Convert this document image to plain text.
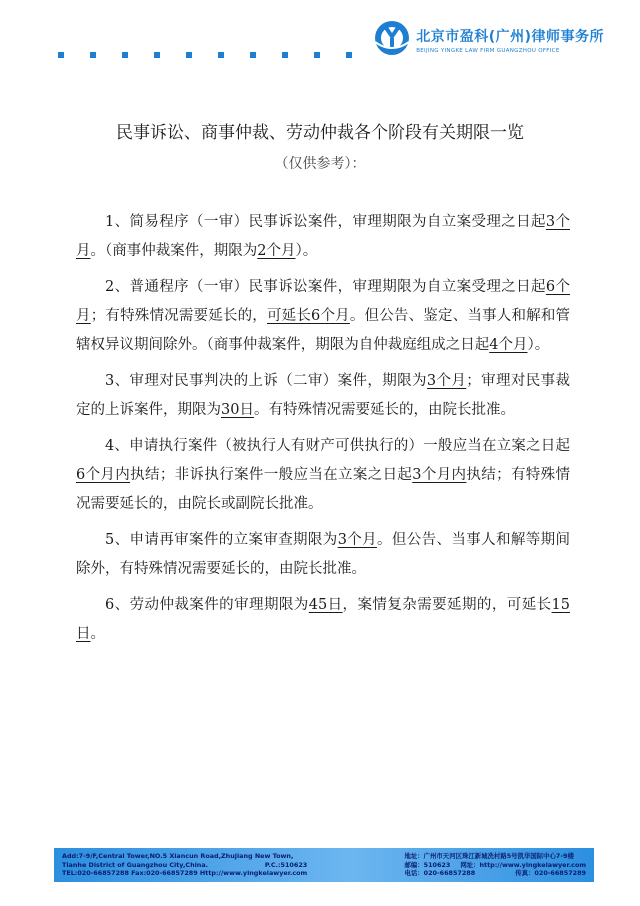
北京市盈科(广州)律师事务所
BEIJING YINGKE LAW FIRM GUANGZHOU OFFICE
民事诉讼、商事仲裁、劳动仲裁各个阶段有关期限一览
（仅供参考）：

1、简易程序（一审）民事诉讼案件，审理期限为自立案受理之日起3个月。（商事仲裁案件，期限为2个月）。

2、普通程序（一审）民事诉讼案件，审理期限为自立案受理之日起6个月；有特殊情况需要延长的，可延长6个月。但公告、鉴定、当事人和解和管辖权异议期间除外。（商事仲裁案件，期限为自仲裁庭组成之日起4个月）。

3、审理对民事判决的上诉（二审）案件，期限为3个月；审理对民事裁定的上诉案件，期限为30日。有特殊情况需要延长的，由院长批准。

4、申请执行案件（被执行人有财产可供执行的）一般应当在立案之日起6个月内执结；非诉执行案件一般应当在立案之日起3个月内执结；有特殊情况需要延长的，由院长或副院长批准。

5、申请再审案件的立案审查期限为3个月。但公告、当事人和解等期间除外，有特殊情况需要延长的，由院长批准。

6、劳动仲裁案件的审理期限为45日，案情复杂需要延期的，可延长15日。

Add:7-9/F,Central Tower,NO.5 Xiancun Road,Zhujiang New Town,
Tianhe District of Guangzhou City,China.	P.C.:510623
TEL:020-66857288 Fax:020-66857289 Http://www.yingkelawyer.com
地址：广州市天河区珠江新城冼村路5号凯华国际中心7-9楼
邮编：510623 网址：http://www.yingkelawyer.com
电话：020-66857288	传真：020-66857289
